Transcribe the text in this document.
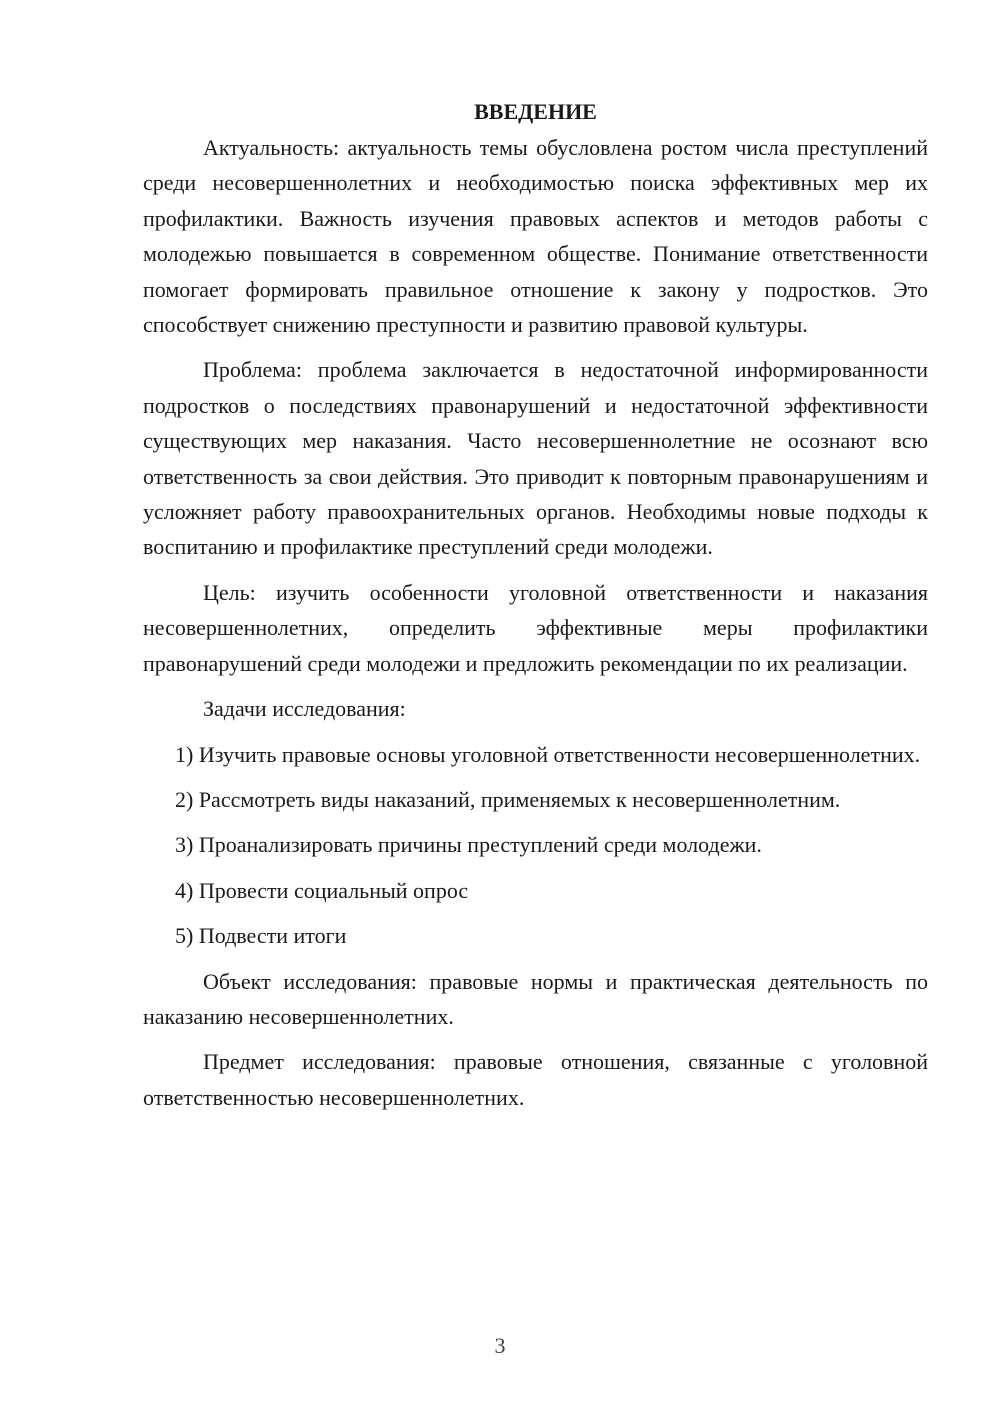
ВВЕДЕНИЕ

Актуальность: актуальность темы обусловлена ростом числа преступлений среди несовершеннолетних и необходимостью поиска эффективных мер их профилактики. Важность изучения правовых аспектов и методов работы с молодежью повышается в современном обществе. Понимание ответственности помогает формировать правильное отношение к закону у подростков. Это способствует снижению преступности и развитию правовой культуры.

Проблема: проблема заключается в недостаточной информированности подростков о последствиях правонарушений и недостаточной эффективности существующих мер наказания. Часто несовершеннолетние не осознают всю ответственность за свои действия. Это приводит к повторным правонарушениям и усложняет работу правоохранительных органов. Необходимы новые подходы к воспитанию и профилактике преступлений среди молодежи.

Цель: изучить особенности уголовной ответственности и наказания несовершеннолетних, определить эффективные меры профилактики правонарушений среди молодежи и предложить рекомендации по их реализации.

Задачи исследования:

1) Изучить правовые основы уголовной ответственности несовершеннолетних.

2) Рассмотреть виды наказаний, применяемых к несовершеннолетним.

3) Проанализировать причины преступлений среди молодежи.

4) Провести социальный опрос

5) Подвести итоги

Объект исследования: правовые нормы и практическая деятельность по наказанию несовершеннолетних.

Предмет исследования: правовые отношения, связанные с уголовной ответственностью несовершеннолетних.

3
